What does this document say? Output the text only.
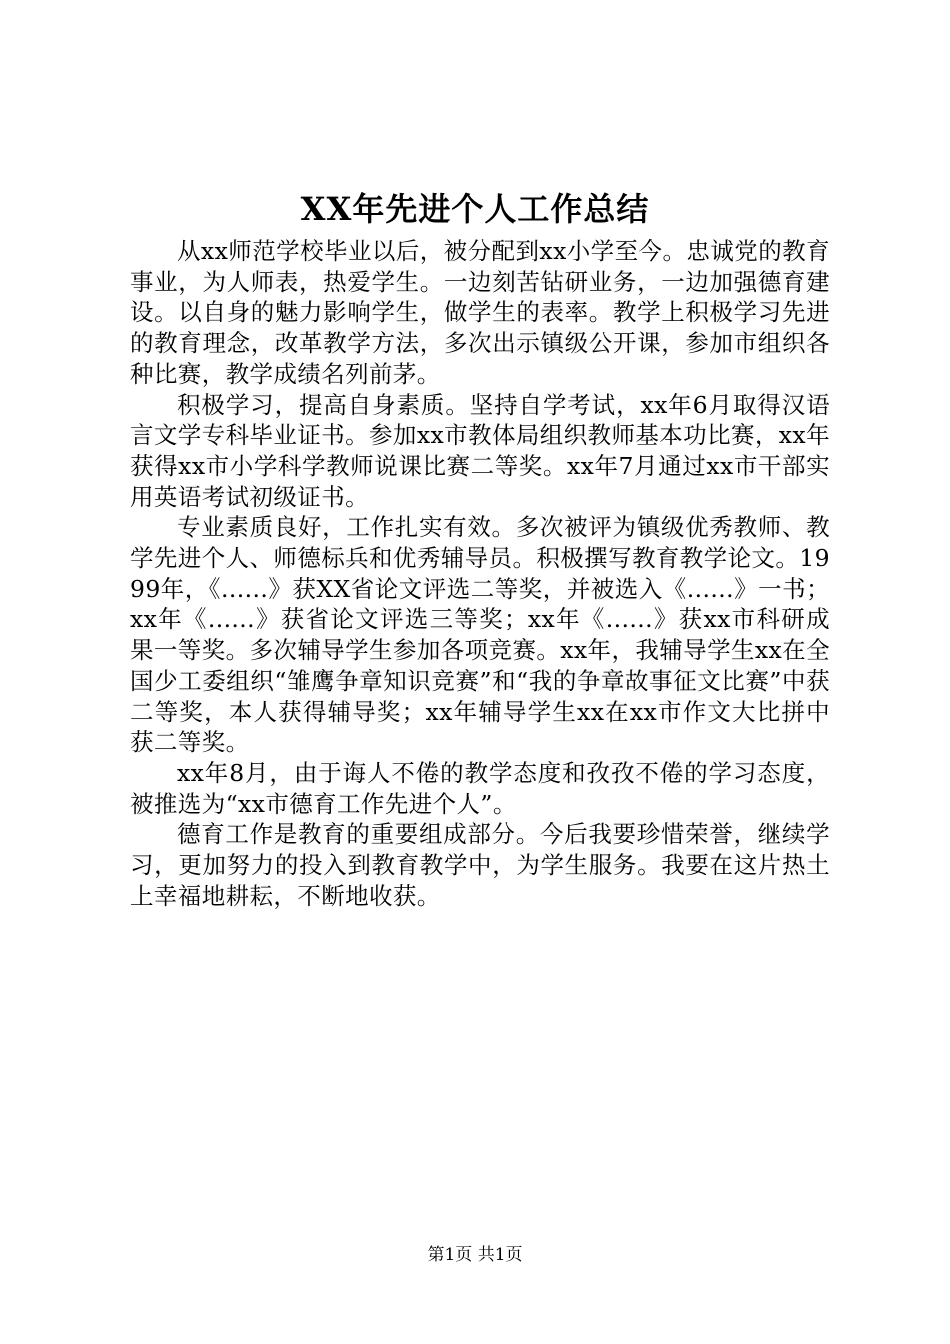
XX年先进个人工作总结

从xx师范学校毕业以后，被分配到xx小学至今。忠诚党的教育事业，为人师表，热爱学生。一边刻苦钻研业务，一边加强德育建设。以自身的魅力影响学生，做学生的表率。教学上积极学习先进的教育理念，改革教学方法，多次出示镇级公开课，参加市组织各种比赛，教学成绩名列前茅。

积极学习，提高自身素质。坚持自学考试，xx年6月取得汉语言文学专科毕业证书。参加xx市教体局组织教师基本功比赛，xx年获得xx市小学科学教师说课比赛二等奖。xx年7月通过xx市干部实用英语考试初级证书。

专业素质良好，工作扎实有效。多次被评为镇级优秀教师、教学先进个人、师德标兵和优秀辅导员。积极撰写教育教学论文。1999年，《......》获XX省论文评选二等奖，并被选入《......》一书；xx年《......》获省论文评选三等奖；xx年《......》获xx市科研成果一等奖。多次辅导学生参加各项竞赛。xx年，我辅导学生xx在全国少工委组织“雏鹰争章知识竞赛”和“我的争章故事征文比赛”中获二等奖，本人获得辅导奖；xx年辅导学生xx在xx市作文大比拼中获二等奖。

xx年8月，由于诲人不倦的教学态度和孜孜不倦的学习态度，被推选为“xx市德育工作先进个人”。

德育工作是教育的重要组成部分。今后我要珍惜荣誉，继续学习，更加努力的投入到教育教学中，为学生服务。我要在这片热土上幸福地耕耘，不断地收获。

第1页 共1页
